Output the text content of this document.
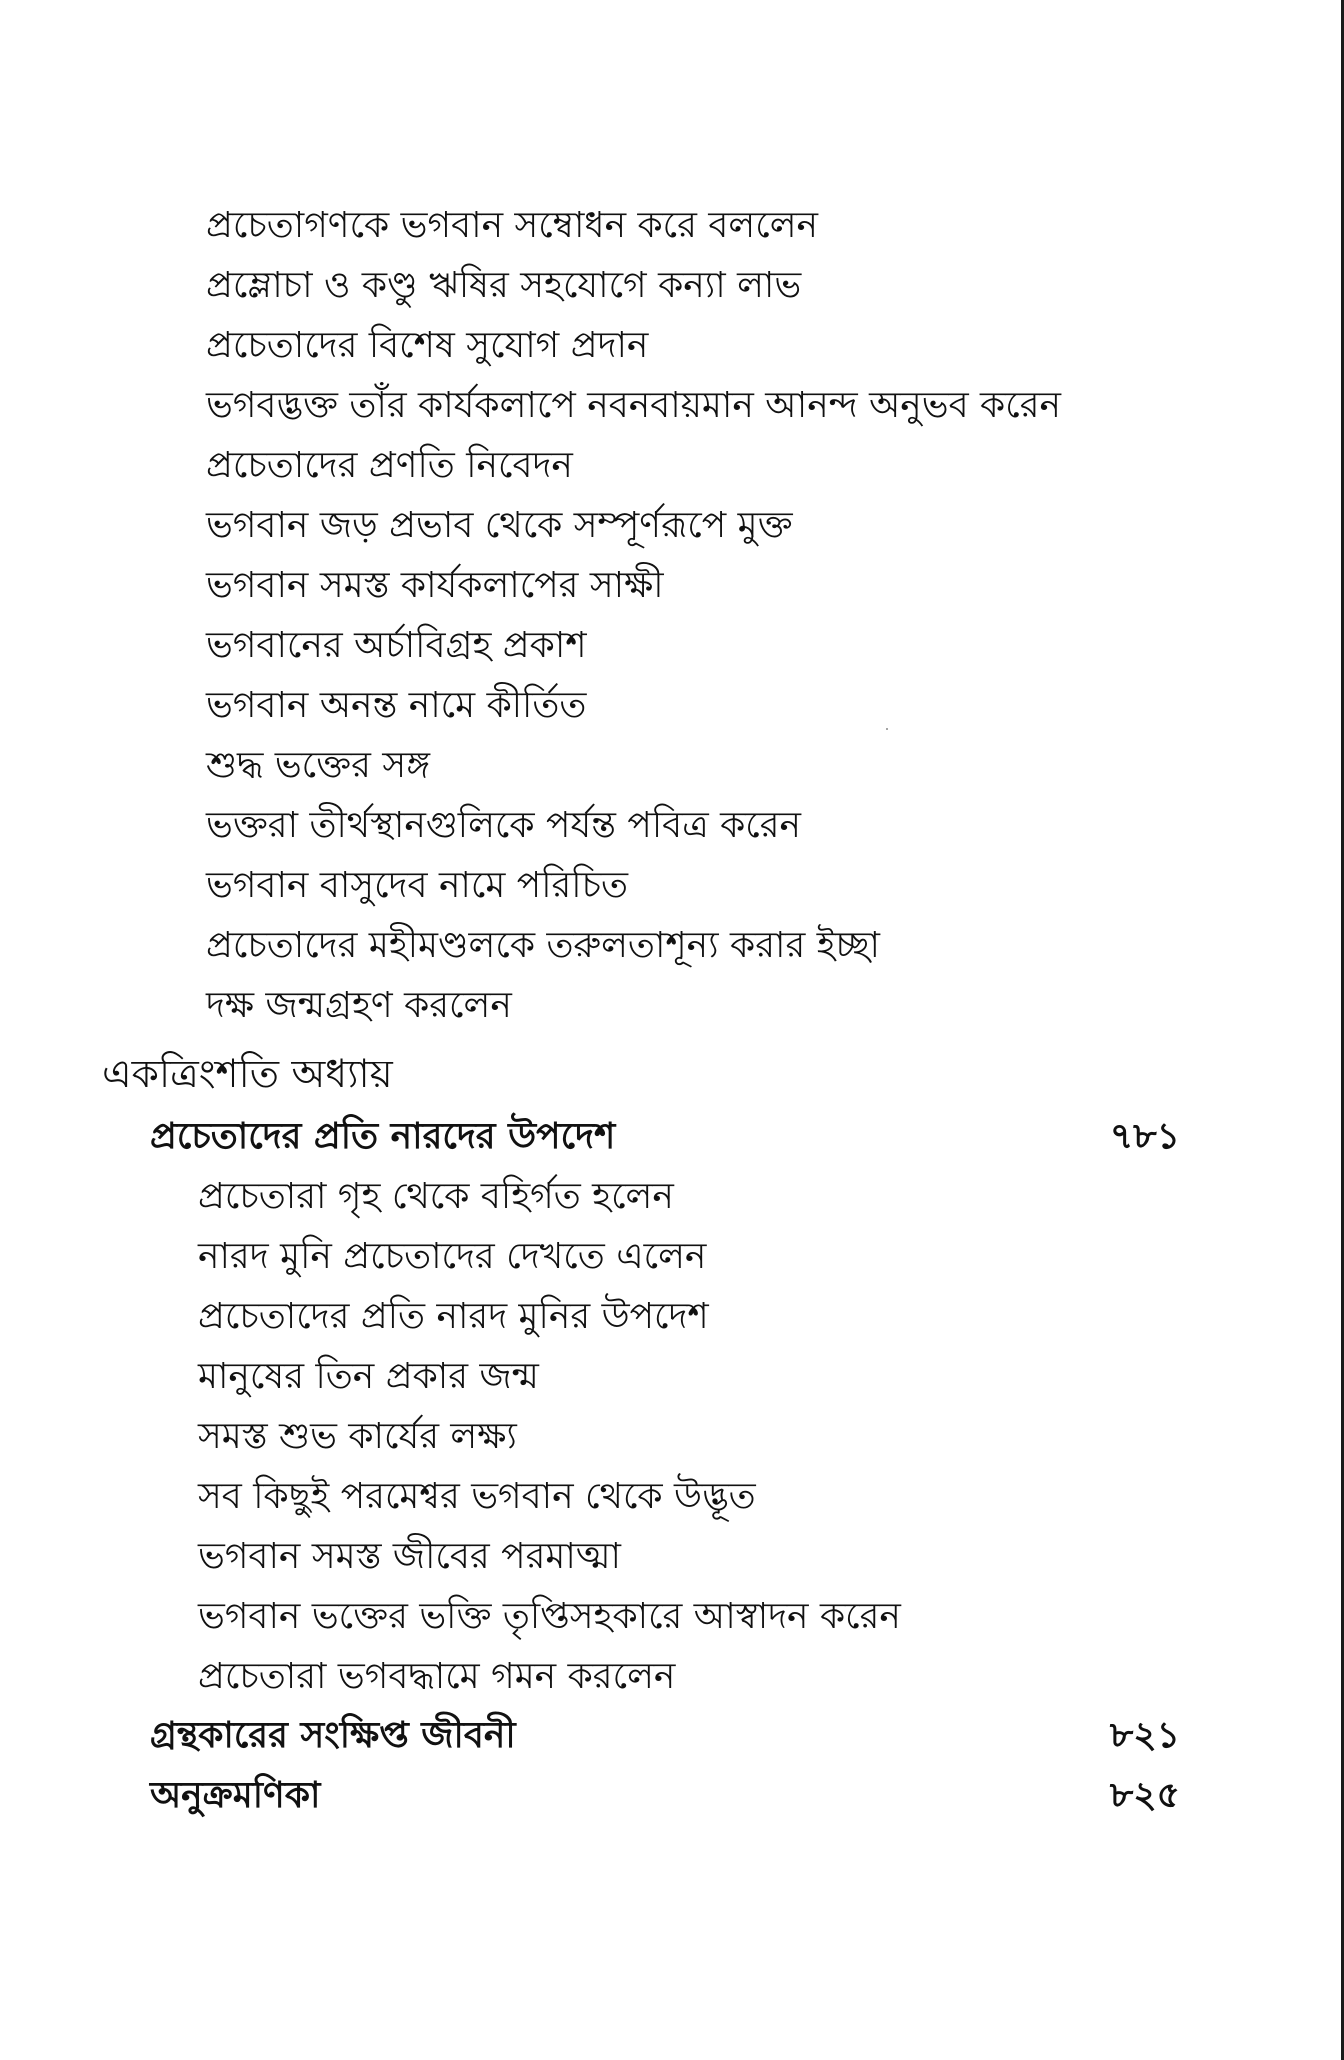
প্রচেতাগণকে ভগবান সম্বোধন করে বললেন
প্রম্লোচা ও কণ্ডু ঋষির সহযোগে কন্যা লাভ
প্রচেতাদের বিশেষ সুযোগ প্রদান
ভগবদ্ভক্ত তাঁর কার্যকলাপে নবনবায়মান আনন্দ অনুভব করেন
প্রচেতাদের প্রণতি নিবেদন
ভগবান জড় প্রভাব থেকে সম্পূর্ণরূপে মুক্ত
ভগবান সমস্ত কার্যকলাপের সাক্ষী
ভগবানের অর্চাবিগ্রহ প্রকাশ
ভগবান অনন্ত নামে কীর্তিত
শুদ্ধ ভক্তের সঙ্গ
ভক্তরা তীর্থস্থানগুলিকে পর্যন্ত পবিত্র করেন
ভগবান বাসুদেব নামে পরিচিত
প্রচেতাদের মহীমণ্ডলকে তরুলতাশূন্য করার ইচ্ছা
দক্ষ জন্মগ্রহণ করলেন
একত্রিংশতি অধ্যায়
প্রচেতাদের প্রতি নারদের উপদেশ	৭৮১
প্রচেতারা গৃহ থেকে বহির্গত হলেন
নারদ মুনি প্রচেতাদের দেখতে এলেন
প্রচেতাদের প্রতি নারদ মুনির উপদেশ
মানুষের তিন প্রকার জন্ম
সমস্ত শুভ কার্যের লক্ষ্য
সব কিছুই পরমেশ্বর ভগবান থেকে উদ্ভূত
ভগবান সমস্ত জীবের পরমাত্মা
ভগবান ভক্তের ভক্তি তৃপ্তিসহকারে আস্বাদন করেন
প্রচেতারা ভগবদ্ধামে গমন করলেন
গ্রন্থকারের সংক্ষিপ্ত জীবনী	৮২১
অনুক্রমণিকা	৮২৫
